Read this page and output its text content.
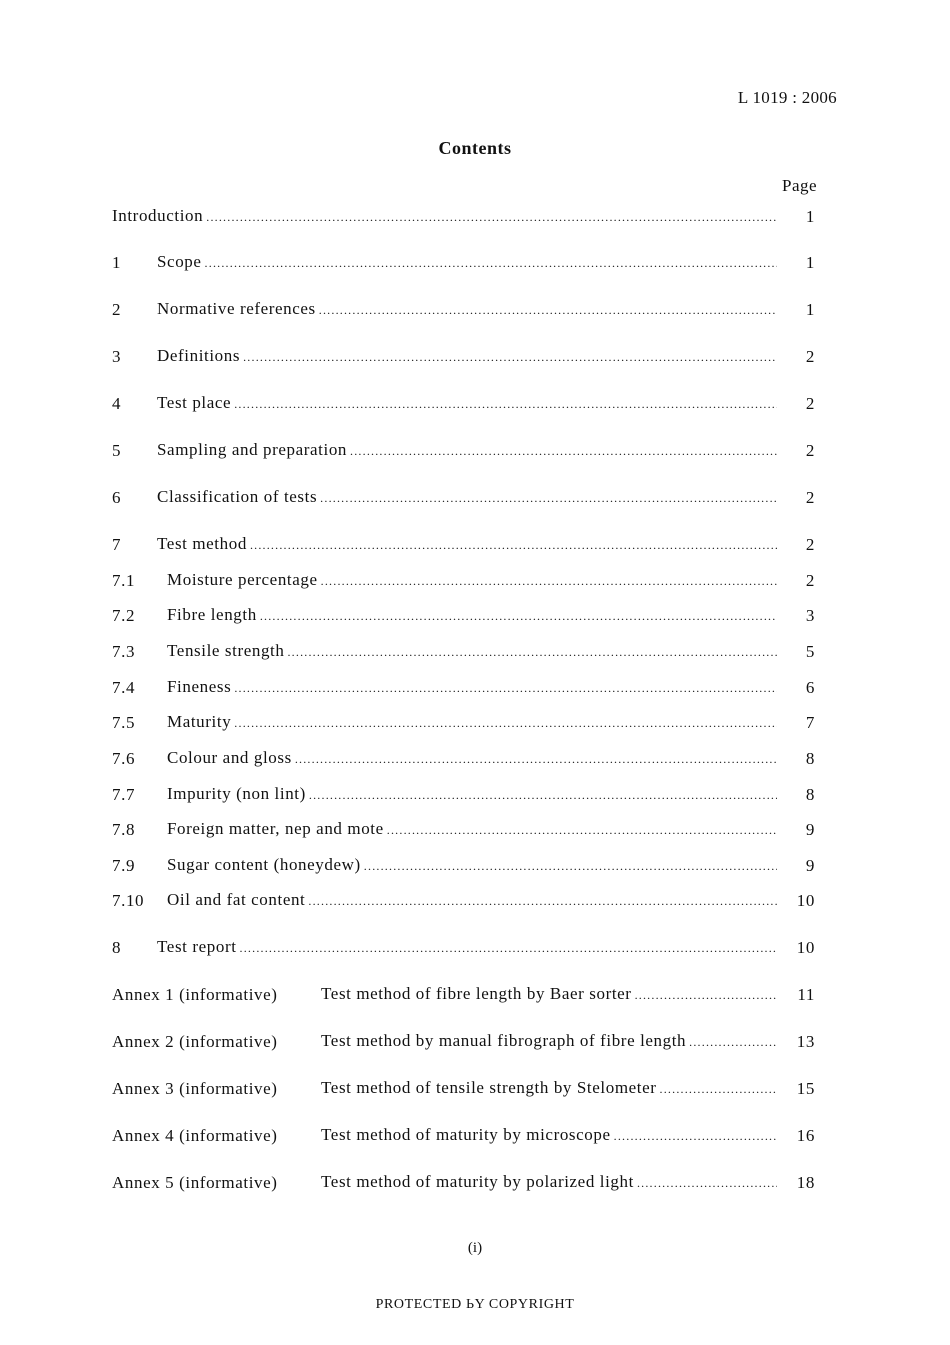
L 1019 : 2006
Contents
Page
Introduction .....	1
1	Scope .....	1
2	Normative references .....	1
3	Definitions .....	2
4	Test place .....	2
5	Sampling and preparation .....	2
6	Classification of tests .....	2
7	Test method .....	2
7.1	Moisture percentage .....	2
7.2	Fibre length .....	3
7.3	Tensile strength .....	5
7.4	Fineness .....	6
7.5	Maturity .....	7
7.6	Colour and gloss .....	8
7.7	Impurity (non lint) .....	8
7.8	Foreign matter, nep and mote .....	9
7.9	Sugar content (honeydew) .....	9
7.10	Oil and fat content .....	10
8	Test report .....	10
Annex 1 (informative)	Test method of fibre length by Baer sorter .....	11
Annex 2 (informative)	Test method by manual fibrograph of fibre length .....	13
Annex 3 (informative)	Test method of tensile strength by Stelometer .....	15
Annex 4 (informative)	Test method of maturity by microscope .....	16
Annex 5 (informative)	Test method of maturity by polarized light .....	18
(i)
PROTECTED ЬY COPYRIGHT
